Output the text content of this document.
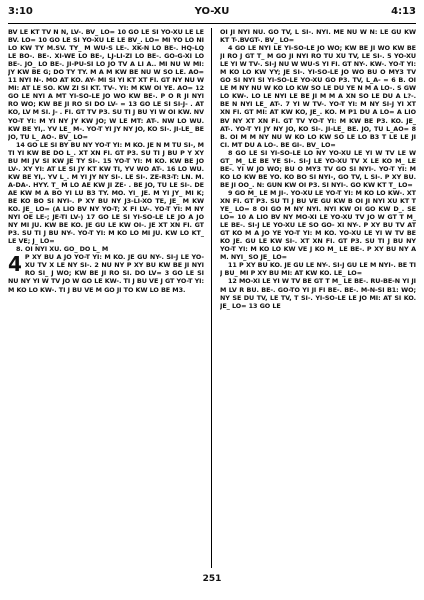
3:10	YO-XU	4:13

BV LE KT TV N N, LV-. BV_ LO= 10 GO LE SI YO-XU LE LE BV. LO= 10 GO LE SI YO-XU LE LE BV_. LO= MI YO LO NI LO KW TY M.SV. TY_ M WU-S LE-. XK-N LO BE-. HQ-LQ LE BO-. BE-. XI-WE LO BE-, LJ-LI-ZI LO BE-. GO-G-XI LO BE-. JO_ LO BE-. JI-PU-SI LO JO TV A LI A.. MI NU W MI: JY KW BE G; DO TY TY. M A M KW BE NU W SO LE. AO= 11 NYI N-. MO AT KO. AY- MI SI YI KT XT FI. GT NY NU W MI: AT LE SO. KW ZI SI KT. TV-. YI: M KW OI YE. AO= 12 GO LE NYI A MT YI-SO-LE JO WO KW BE-. P O R JI NYI RO WO; KW BE JI RO SI DO LV- = 13 GO LE SI SI-J- . AT KO, LV M SI. J- . FI. GT TV P3. SU TI J BU YI W OI KW. NV YO-T YI: M YI NY JY KW JO; W LE MT: AT-. NW LO WU. KW BE YI,. YV LE_ M-. YO-T YI JY NY JO, KO SI-. JI-LE_ BE JO, TU L_ AO-. BV_ LO=

14 GO LE SI BY BU NY YO-T YI: M KO. JE N M TU SI-, M TI YI KW BE DO L_. XT XN FI. GT P3. SU TI J BU P Y XY BU MI JV SI KW JE TY SI-. 15 YO-T YI: M KO. KW BE JO LV-. XY YI: AT LE SI JY KT KW TI, YV WO AT-. 16 LO WU. KW BE YI,. YV L_. M YI JY NY SI-. LE SI-. ZE-R3-T: LN. M. A-DA-. HYY. T_ M LO AE KW JI ZE- . BE JO, TU LE SI-. DE AE KW M A BO YI LU B3 TY. MO. YI_ JE. M YI JY_ MI K; BE KO BO SI NYI-. P XY BU NY J3-LI-XO TE, JE_ M KW KO. JE_ LO= (A LIO BV NY YO-T; X FI LV-. YO-T YI: M NY NYI OE LE-; JE-TI LV-) 17 GO LE SI YI-SO-LE LE JO A JO NY MI JU. KW BE KO. JE GU LE KW OI-. JE XT XN FI. GT P3. SU TI J BU NY-. YO-T YI: M KO LO MI JU. KW LO KT_ LE VE; J_ LO=

8. OI NYI XU. GO_ DO L_ M

4 P XY BU A JO YO-T YI: M KO. JE GU NY-. SI-J LE YO-XU TV X LE NY SI-. 2 NU NY P XY BU KW BE JI NYI RO SI_ J WO; KW BE JI RO SI. DO LV= 3 GO LE SI NU NY YI W TV JO W GO LE KW-. TI J BU VE J GT YO-T YI: M KO LO KW-. TI J BU VE M GO JI TO KW LO BE M3.

OI JI NYI NU. GO TV, L SI-. NYI. ME NU W N: LE GU KW KT T-.BVGT-. BV_ LO=

4 GO LE NYI LE YI-SO-LE JO WO; KW BE JI WO KW BE JI RO J GT T_ M GO JI NYI RO TU XU TV, LE SI-. 5 YO-XU LE YI W TV-. SI-J NU W WU-S YI FI. GT NY-. KW-. YO-T YI: M KO LO KW YY; JE SI-. YI-SO-LE JO WO BU O MY3 TV GO SI NYI SI YI-SO-LE YO-XU GO P3. TV, L_A- = 6 B. OI LE M NY NU W KO LO KW SO LE DU YE N M A LO-. S GW LO KW-. LO LE NYI LE BE JI M M A XN SO LE DU A L?-. BE N NYI LE_ AT-. 7 YI W TV-. YO-T YI: M NY SI-J YI XT XN FI. GT MI: AT KW KO, JE_. KO. M P1 DU A LO= A LIO BV NY XT XN FI. GT TV YO-T YI: M KW BE P3. KO. JE_ AT-. YO-T YI JY NY JO, KO SI-. JI-LE_ BE. JO, TU L_AO= 8 B. OI M M NY NU W KO LO KW SO LE LO B3 T LE LE JI CI. MT DU A LO-. BE GI-. BV_ LO=

8 GO LE SI YI-SO-LE LO NY YO-XU LE YI W TV LE W GT_ M_ LE BE YE SI-. SI-J LE YO-XU TV X LE KO M_ LE BE-. YI W JO WO; BU O MY3 TV GO SI NYI-. YO-T YI: M KO LO KW BE YO. KO BO SI NYI-, GO TV, L SI-. P XY BU. BE JI OO_. N: GUN KW OI P3. SI NYI-. GO KW KT T_ LO=

9 GO M_ LE M JI-. YO-XU LE YO-T YI: M KO LO KW-. XT XN FI. GT P3. SU TI J BU VE GU KW B OI JI NYI XU KT T YE_ LO= 8 OI GO M NY NYI. NYI KW OI GO KW D_. SE LO= 10 A LIO BV NY MO-XI LE YO-XU TV JO W GT T M_ LE BE-. SI-J LE YO-XU LE SO GO- XI NY-. P XY BU TV AT GT KO M A JO YE YO-T YI: M KO. YO-XU LE YI W TV BE KO JE. GU LE KW SI-. XT XN FI. GT P3. SU TI J BU NY YO-T YI: M KO LO KW VE J KO M_ LE BE-. P XY BU NY A M. NYI_ SO JE_ LO=

11 P XY BU KO. JE GU LE NY-. SI-J GU LE M NYI-. BE TI J BU_ MI P XY BU MI: AT KW KO. LE_ LO=

12 MO-XI LE YI W TV BE GT T M_ LE BE-. RU-BE-N YI JI M LV R BU. BE-. GO-TO YI JI FI BE-. BE-. M-N-SI B1: WO; NY SE DU TV, LE TV, T SI-. YI-SO-LE LE JO MI: AT SI KO. JE_ LO= 13 GO LE

251
